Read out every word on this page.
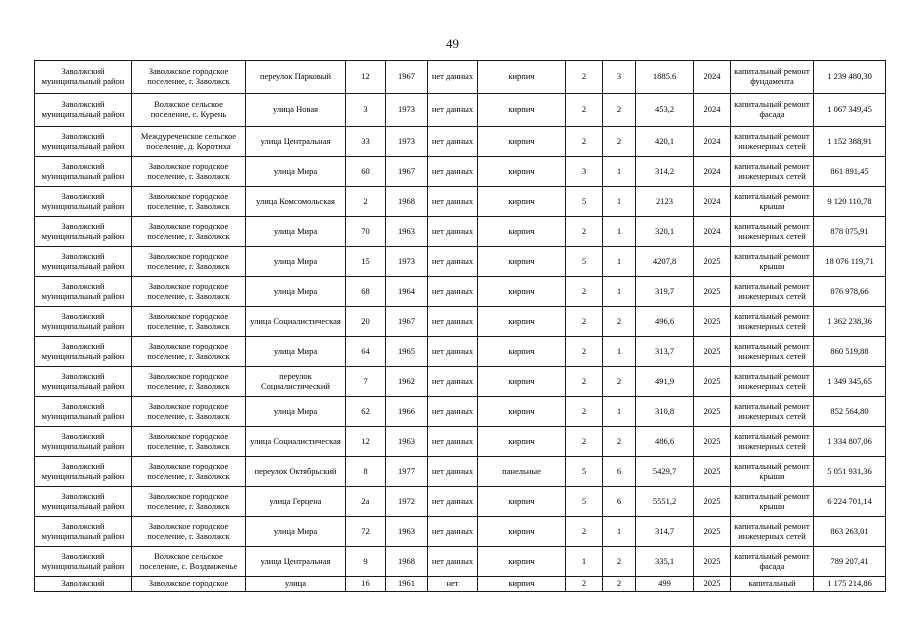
49
Заволжский муниципальный район	Заволжское городское поселение, г. Заволжск	переулок Парковый	12	1967	нет данных	кирпич	2	3	1885.6	2024	капитальный ремонт фундамента	1 239 480,30
Заволжский муниципальный район	Волжское сельское поселение, с. Курень	улица Новая	3	1973	нет данных	кирпич	2	2	453,2	2024	капитальный ремонт фасада	1 067 349,45
Заволжский муниципальный район	Междуреченское сельское поселение, д. Коротиха	улица Центральная	33	1973	нет данных	кирпич	2	2	420,1	2024	капитальный ремонт инженерных сетей	1 152 388,91
Заволжский муниципальный район	Заволжское городское поселение, г. Заволжск	улица Мира	60	1967	нет данных	кирпич	3	1	314,2	2024	капитальный ремонт инженерных сетей	861 891,45
Заволжский муниципальный район	Заволжское городское поселение, г. Заволжск	улица Комсомольская	2	1968	нет данных	кирпич	5	1	2123	2024	капитальный ремонт крыши	9 120 110,78
Заволжский муниципальный район	Заволжское городское поселение, г. Заволжск	улица Мира	70	1963	нет данных	кирпич	2	1	320,1	2024	капитальный ремонт инженерных сетей	878 075,91
Заволжский муниципальный район	Заволжское городское поселение, г. Заволжск	улица Мира	15	1973	нет данных	кирпич	5	1	4207,8	2025	капитальный ремонт крыши	18 076 119,71
Заволжский муниципальный район	Заволжское городское поселение, г. Заволжск	улица Мира	68	1964	нет данных	кирпич	2	1	319,7	2025	капитальный ремонт инженерных сетей	876 978,66
Заволжский муниципальный район	Заволжское городское поселение, г. Заволжск	улица Социалистическая	20	1967	нет данных	кирпич	2	2	496,6	2025	капитальный ремонт инженерных сетей	1 362 238,36
Заволжский муниципальный район	Заволжское городское поселение, г. Заволжск	улица Мира	64	1965	нет данных	кирпич	2	1	313,7	2025	капитальный ремонт инженерных сетей	860 519,88
Заволжский муниципальный район	Заволжское городское поселение, г. Заволжск	переулок Социалистический	7	1962	нет данных	кирпич	2	2	491,9	2025	капитальный ремонт инженерных сетей	1 349 345,65
Заволжский муниципальный район	Заволжское городское поселение, г. Заволжск	улица Мира	62	1966	нет данных	кирпич	2	1	310,8	2025	капитальный ремонт инженерных сетей	852 564,80
Заволжский муниципальный район	Заволжское городское поселение, г. Заволжск	улица Социалистическая	12	1963	нет данных	кирпич	2	2	486,6	2025	капитальный ремонт инженерных сетей	1 334 807,06
Заволжский муниципальный район	Заволжское городское поселение, г. Заволжск	переулок Октябрьский	8	1977	нет данных	панельные	5	6	5429,7	2025	капитальный ремонт крыши	5 051 931,36
Заволжский муниципальный район	Заволжское городское поселение, г. Заволжск	улица Герцена	2а	1972	нет данных	кирпич	5	6	5551,2	2025	капитальный ремонт крыши	6 224 701,14
Заволжский муниципальный район	Заволжское городское поселение, г. Заволжск	улица Мира	72	1963	нет данных	кирпич	2	1	314,7	2025	капитальный ремонт инженерных сетей	863 263,01
Заволжский муниципальный район	Волжское сельское поселение, с. Воздвиженье	улица Центральная	9	1968	нет данных	кирпич	1	2	335,1	2025	капитальный ремонт фасада	789 207,41
Заволжский	Заволжское городское	улица	16	1961	нет	кирпич	2	2	499	2025	капитальный	1 175 214,86
